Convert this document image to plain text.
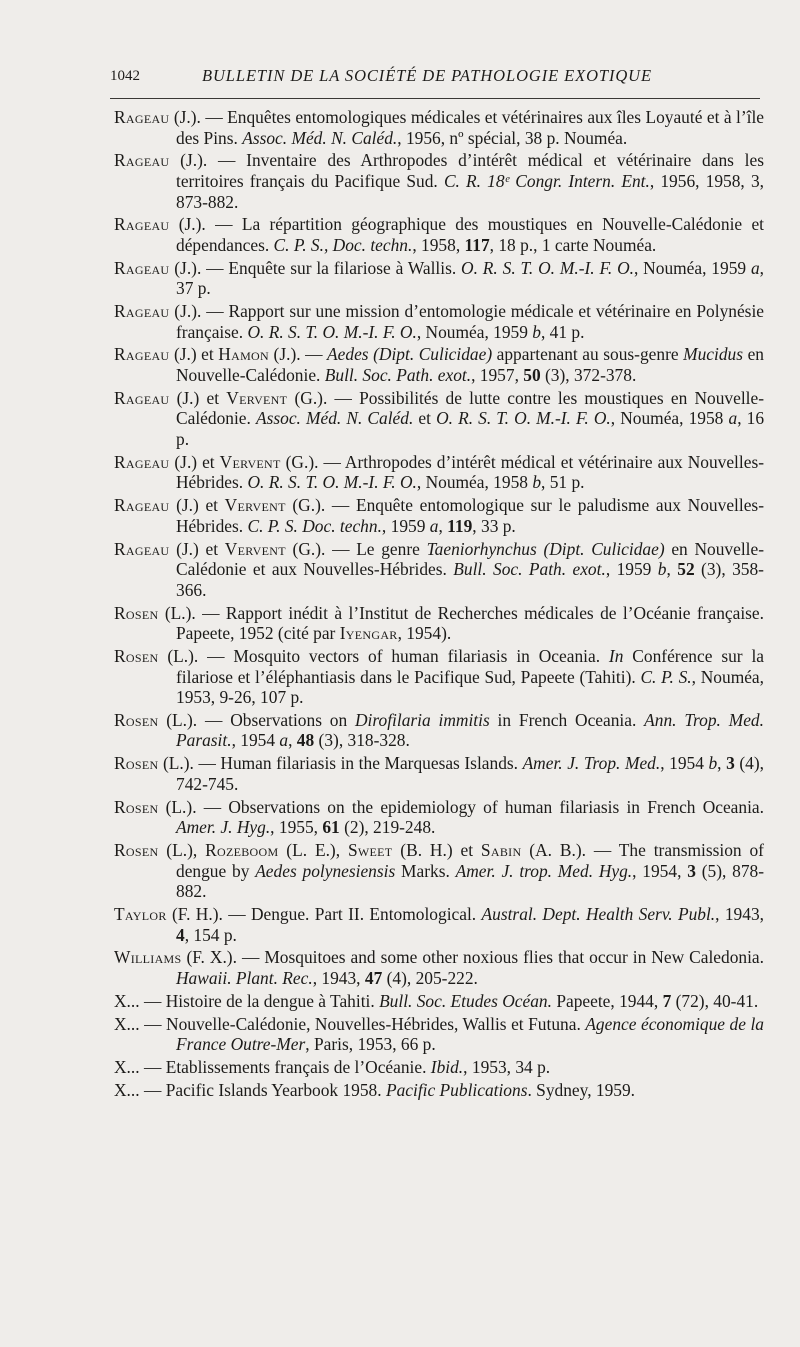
1042	BULLETIN DE LA SOCIÉTÉ DE PATHOLOGIE EXOTIQUE
Rageau (J.). — Enquêtes entomologiques médicales et vétérinaires aux îles Loyauté et à l’île des Pins. Assoc. Méd. N. Caléd., 1956, nº spécial, 38 p. Nouméa.
Rageau (J.). — Inventaire des Arthropodes d’intérêt médical et vétérinaire dans les territoires français du Pacifique Sud. C. R. 18ᵉ Congr. Intern. Ent., 1956, 1958, 3, 873-882.
Rageau (J.). — La répartition géographique des moustiques en Nouvelle-Calédonie et dépendances. C. P. S., Doc. techn., 1958, 117, 18 p., 1 carte Nouméa.
Rageau (J.). — Enquête sur la filariose à Wallis. O. R. S. T. O. M.-I. F. O., Nouméa, 1959 a, 37 p.
Rageau (J.). — Rapport sur une mission d’entomologie médicale et vétérinaire en Polynésie française. O. R. S. T. O. M.-I. F. O., Nouméa, 1959 b, 41 p.
Rageau (J.) et Hamon (J.). — Aedes (Dipt. Culicidae) appartenant au sous-genre Mucidus en Nouvelle-Calédonie. Bull. Soc. Path. exot., 1957, 50 (3), 372-378.
Rageau (J.) et Vervent (G.). — Possibilités de lutte contre les moustiques en Nouvelle-Calédonie. Assoc. Méd. N. Caléd. et O. R. S. T. O. M.-I. F. O., Nouméa, 1958 a, 16 p.
Rageau (J.) et Vervent (G.). — Arthropodes d’intérêt médical et vétérinaire aux Nouvelles-Hébrides. O. R. S. T. O. M.-I. F. O., Nouméa, 1958 b, 51 p.
Rageau (J.) et Vervent (G.). — Enquête entomologique sur le paludisme aux Nouvelles-Hébrides. C. P. S. Doc. techn., 1959 a, 119, 33 p.
Rageau (J.) et Vervent (G.). — Le genre Taeniorhynchus (Dipt. Culicidae) en Nouvelle-Calédonie et aux Nouvelles-Hébrides. Bull. Soc. Path. exot., 1959 b, 52 (3), 358-366.
Rosen (L.). — Rapport inédit à l’Institut de Recherches médicales de l’Océanie française. Papeete, 1952 (cité par Iyengar, 1954).
Rosen (L.). — Mosquito vectors of human filariasis in Oceania. In Conférence sur la filariose et l’éléphantiasis dans le Pacifique Sud, Papeete (Tahiti). C. P. S., Nouméa, 1953, 9-26, 107 p.
Rosen (L.). — Observations on Dirofilaria immitis in French Oceania. Ann. Trop. Med. Parasit., 1954 a, 48 (3), 318-328.
Rosen (L.). — Human filariasis in the Marquesas Islands. Amer. J. Trop. Med., 1954 b, 3 (4), 742-745.
Rosen (L.). — Observations on the epidemiology of human filariasis in French Oceania. Amer. J. Hyg., 1955, 61 (2), 219-248.
Rosen (L.), Rozeboom (L. E.), Sweet (B. H.) et Sabin (A. B.). — The transmission of dengue by Aedes polynesiensis Marks. Amer. J. trop. Med. Hyg., 1954, 3 (5), 878-882.
Taylor (F. H.). — Dengue. Part II. Entomological. Austral. Dept. Health Serv. Publ., 1943, 4, 154 p.
Williams (F. X.). — Mosquitoes and some other noxious flies that occur in New Caledonia. Hawaii. Plant. Rec., 1943, 47 (4), 205-222.
X... — Histoire de la dengue à Tahiti. Bull. Soc. Etudes Océan. Papeete, 1944, 7 (72), 40-41.
X... — Nouvelle-Calédonie, Nouvelles-Hébrides, Wallis et Futuna. Agence économique de la France Outre-Mer, Paris, 1953, 66 p.
X... — Etablissements français de l’Océanie. Ibid., 1953, 34 p.
X... — Pacific Islands Yearbook 1958. Pacific Publications. Sydney, 1959.
